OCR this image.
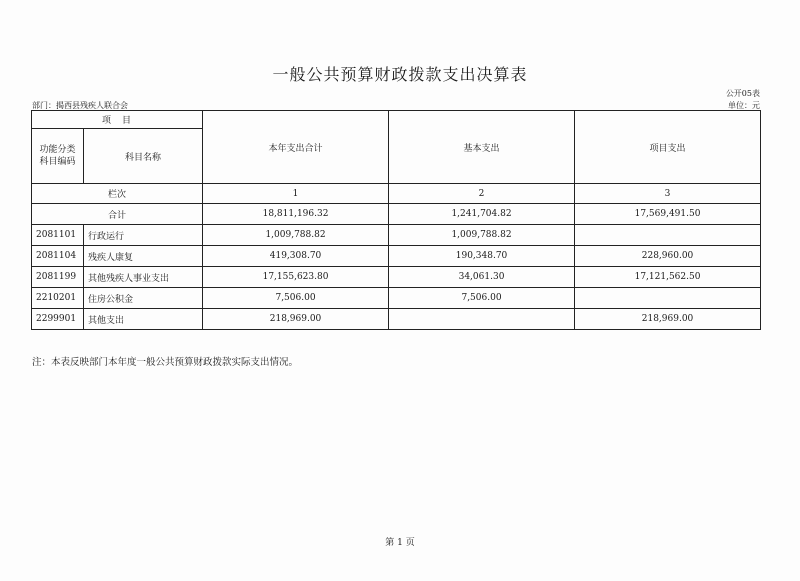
一般公共预算财政拨款支出决算表
公开05表
部门：揭西县残疾人联合会	单位：元
项　目		本年支出合计	基本支出	项目支出
功能分类
科目编码	科目名称			
栏次		1	2	3
合计		18,811,196.32	1,241,704.82	17,569,491.50
2081101	行政运行	1,009,788.82	1,009,788.82	
2081104	残疾人康复	419,308.70	190,348.70	228,960.00
2081199	其他残疾人事业支出	17,155,623.80	34,061.30	17,121,562.50
2210201	住房公积金	7,506.00	7,506.00	
2299901	其他支出	218,969.00		218,969.00
注：本表反映部门本年度一般公共预算财政拨款实际支出情况。
第 1 页
